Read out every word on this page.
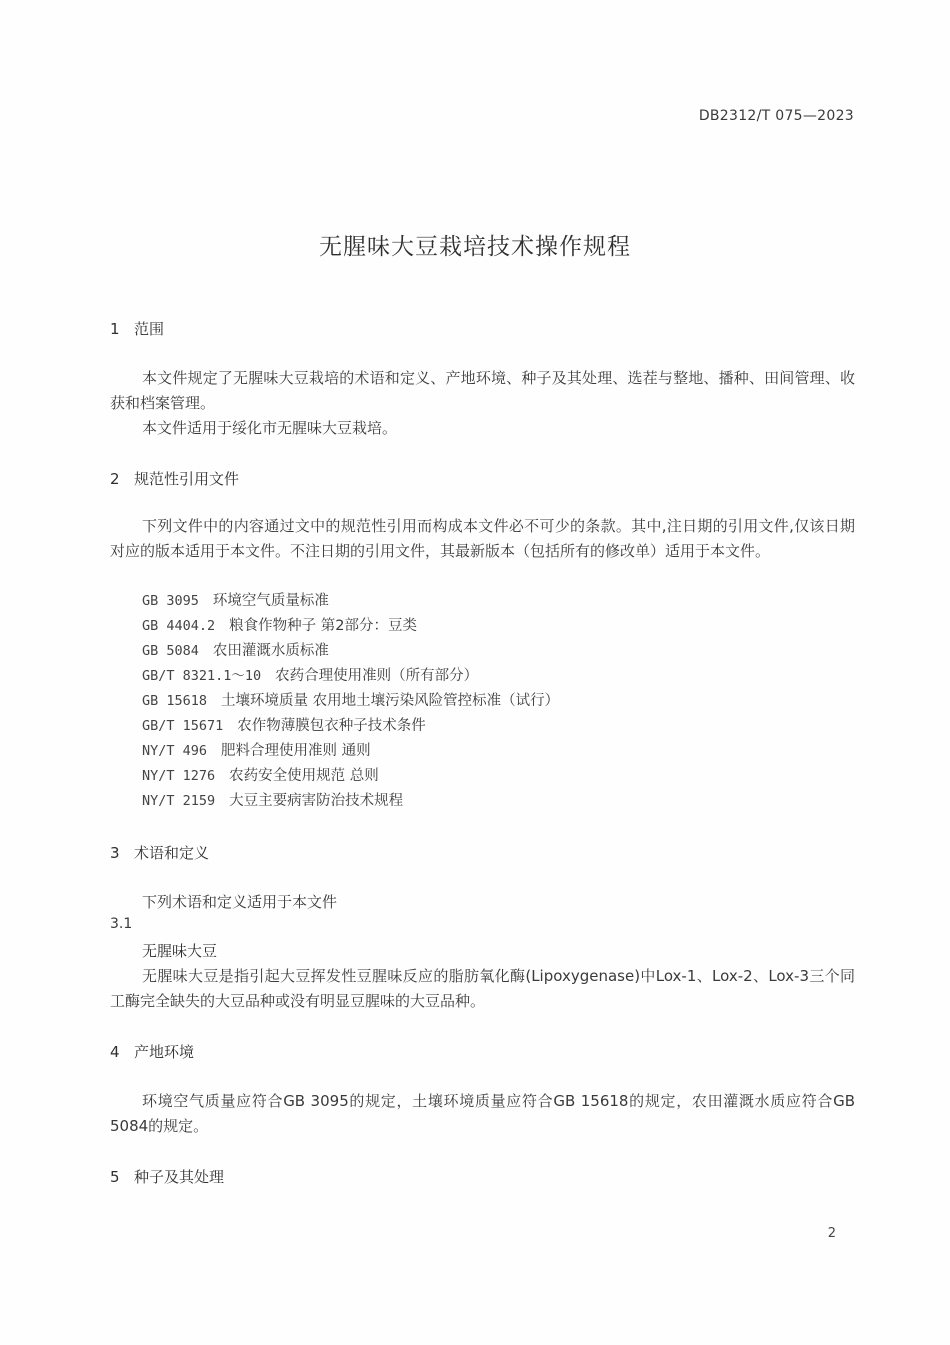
DB2312/T 075—2023
无腥味大豆栽培技术操作规程
1 范围
本文件规定了无腥味大豆栽培的术语和定义、产地环境、种子及其处理、选茬与整地、播种、田间管理、收获和档案管理。
本文件适用于绥化市无腥味大豆栽培。
2 规范性引用文件
下列文件中的内容通过文中的规范性引用而构成本文件必不可少的条款。其中,注日期的引用文件,仅该日期对应的版本适用于本文件。不注日期的引用文件，其最新版本（包括所有的修改单）适用于本文件。
GB 3095 环境空气质量标准
GB 4404.2 粮食作物种子 第2部分：豆类
GB 5084 农田灌溉水质标准
GB/T 8321.1～10 农药合理使用准则（所有部分）
GB 15618 土壤环境质量 农用地土壤污染风险管控标准（试行）
GB/T 15671 农作物薄膜包衣种子技术条件
NY/T 496 肥料合理使用准则 通则
NY/T 1276 农药安全使用规范 总则
NY/T 2159 大豆主要病害防治技术规程
3 术语和定义
下列术语和定义适用于本文件
3.1
无腥味大豆
无腥味大豆是指引起大豆挥发性豆腥味反应的脂肪氧化酶(Lipoxygenase)中Lox-1、Lox-2、Lox-3三个同工酶完全缺失的大豆品种或没有明显豆腥味的大豆品种。
4 产地环境
环境空气质量应符合GB 3095的规定，土壤环境质量应符合GB 15618的规定，农田灌溉水质应符合GB 5084的规定。
5 种子及其处理
2
